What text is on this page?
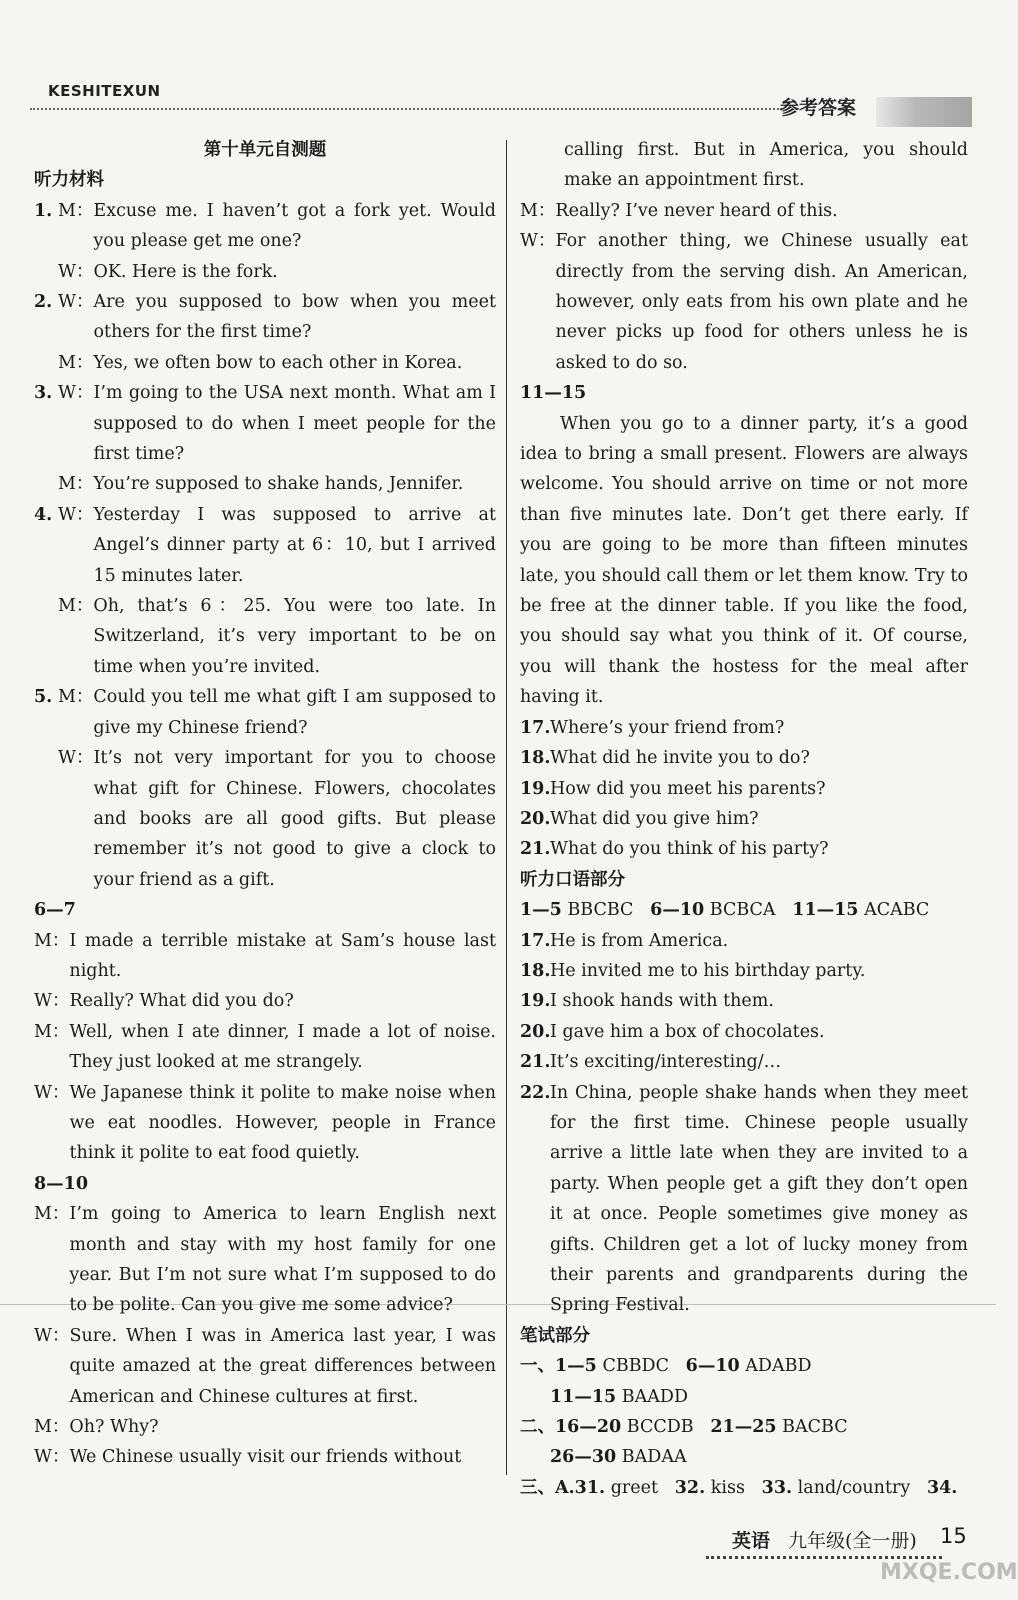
KESHITEXUN
参考答案
第十单元自测题
听力材料
1. M： Excuse me. I haven’t got a fork yet. Would you please get me one?
W： OK. Here is the fork.
2. W： Are you supposed to bow when you meet others for the first time?
M： Yes, we often bow to each other in Korea.
3. W： I’m going to the USA next month. What am I supposed to do when I meet people for the first time?
M： You’re supposed to shake hands, Jennifer.
4. W： Yesterday I was supposed to arrive at Angel’s dinner party at 6：10, but I arrived 15 minutes later.
M： Oh, that’s 6：25. You were too late. In Switzerland, it’s very important to be on time when you’re invited.
5. M： Could you tell me what gift I am supposed to give my Chinese friend?
W： It’s not very important for you to choose what gift for Chinese. Flowers, chocolates and books are all good gifts. But please remember it’s not good to give a clock to your friend as a gift.
6—7
M： I made a terrible mistake at Sam’s house last night.
W： Really? What did you do?
M： Well, when I ate dinner, I made a lot of noise. They just looked at me strangely.
W： We Japanese think it polite to make noise when we eat noodles. However, people in France think it polite to eat food quietly.
8—10
M： I’m going to America to learn English next month and stay with my host family for one year. But I’m not sure what I’m supposed to do to be polite. Can you give me some advice?
W： Sure. When I was in America last year, I was quite amazed at the great differences between American and Chinese cultures at first.
M： Oh? Why?
W： We Chinese usually visit our friends without
calling first. But in America, you should make an appointment first.
M： Really? I’ve never heard of this.
W： For another thing, we Chinese usually eat directly from the serving dish. An American, however, only eats from his own plate and he never picks up food for others unless he is asked to do so.
11—15
When you go to a dinner party, it’s a good idea to bring a small present. Flowers are always welcome. You should arrive on time or not more than five minutes late. Don’t get there early. If you are going to be more than fifteen minutes late, you should call them or let them know. Try to be free at the dinner table. If you like the food, you should say what you think of it. Of course, you will thank the hostess for the meal after having it.
17.Where’s your friend from?
18.What did he invite you to do?
19.How did you meet his parents?
20.What did you give him?
21.What do you think of his party?
听力口语部分
1—5 BBCBC 6—10 BCBCA 11—15 ACABC
17.He is from America.
18.He invited me to his birthday party.
19.I shook hands with them.
20.I gave him a box of chocolates.
21.It’s exciting/interesting/…
22. In China, people shake hands when they meet for the first time. Chinese people usually arrive a little late when they are invited to a party. When people get a gift they don’t open it at once. People sometimes give money as gifts. Children get a lot of lucky money from their parents and grandparents during the Spring Festival.
笔试部分
一、1—5 CBBDC 6—10 ADABD
11—15 BAADD
二、16—20 BCCDB 21—25 BACBC
26—30 BADAA
三、A.31. greet 32. kiss 33. land/country 34.
英语 九年级(全一册) 15
MXQE.COM
